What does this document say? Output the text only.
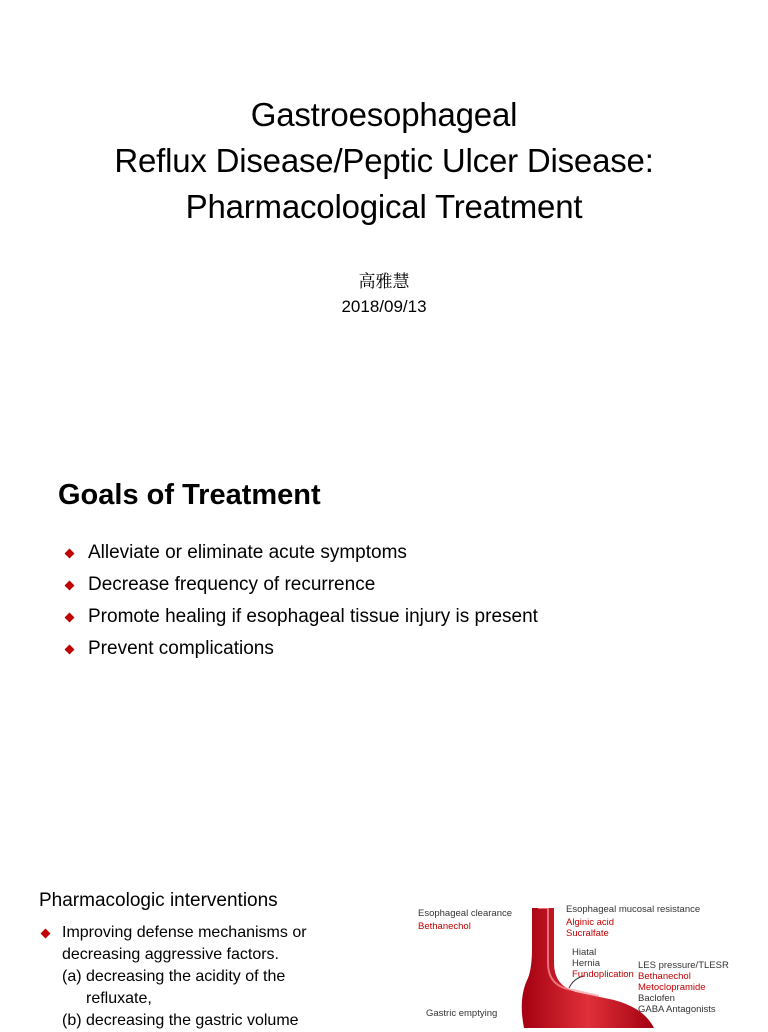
Gastroesophageal
Reflux Disease/Peptic Ulcer Disease:
Pharmacological Treatment
高雅慧
2018/09/13
Goals of Treatment
Alleviate or eliminate acute symptoms
Decrease frequency of recurrence
Promote healing if esophageal tissue injury is present
Prevent complications
Pharmacologic interventions
Improving defense mechanisms or decreasing aggressive factors.
(a) decreasing the acidity of the
refluxate,
(b) decreasing the gastric volume
Esophageal clearance
Bethanechol
Esophageal mucosal resistance
Alginic acid
Sucralfate
Hiatal
Hernia
Fundoplication
LES pressure/TLESR
Bethanechol
Metoclopramide
Baclofen
GABA Antagonists
Gastric emptying
